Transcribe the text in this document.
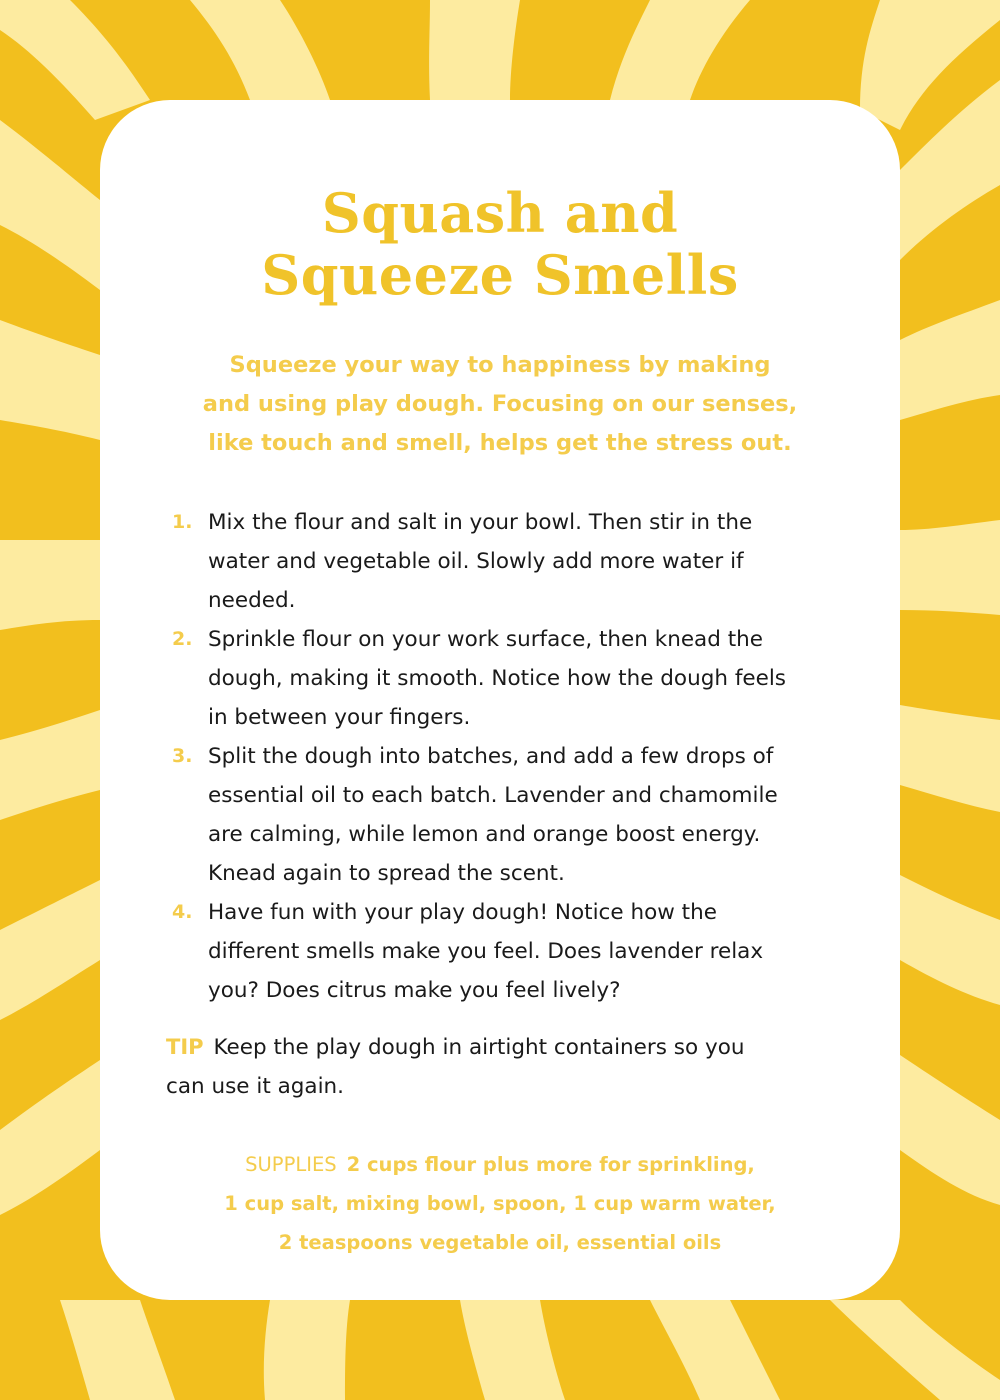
Squash and
Squeeze Smells

Squeeze your way to happiness by making
and using play dough. Focusing on our senses,
like touch and smell, helps get the stress out.

1. Mix the flour and salt in your bowl. Then stir in the
water and vegetable oil. Slowly add more water if
needed.
2. Sprinkle flour on your work surface, then knead the
dough, making it smooth. Notice how the dough feels
in between your fingers.
3. Split the dough into batches, and add a few drops of
essential oil to each batch. Lavender and chamomile
are calming, while lemon and orange boost energy.
Knead again to spread the scent.
4. Have fun with your play dough! Notice how the
different smells make you feel. Does lavender relax
you? Does citrus make you feel lively?

TIP Keep the play dough in airtight containers so you
can use it again.

SUPPLIES 2 cups flour plus more for sprinkling,
1 cup salt, mixing bowl, spoon, 1 cup warm water,
2 teaspoons vegetable oil, essential oils
